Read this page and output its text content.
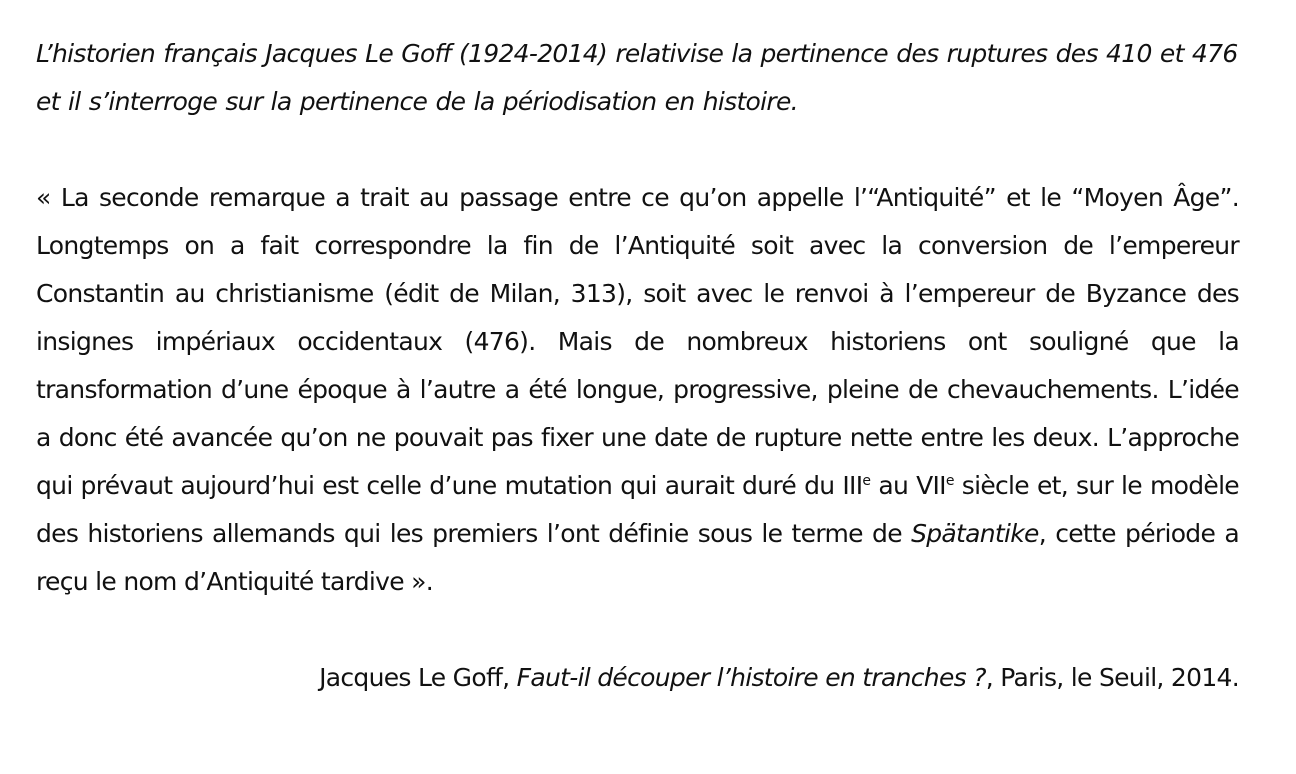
L’historien français Jacques Le Goff (1924-2014) relativise la pertinence des ruptures des 410 et 476 et il s’interroge sur la pertinence de la périodisation en histoire.

« La seconde remarque a trait au passage entre ce qu’on appelle l’“Antiquité” et le “Moyen Âge”. Longtemps on a fait correspondre la fin de l’Antiquité soit avec la conversion de l’empereur Constantin au christianisme (édit de Milan, 313), soit avec le renvoi à l’empereur de Byzance des insignes impériaux occidentaux (476). Mais de nombreux historiens ont souligné que la transformation d’une époque à l’autre a été longue, progressive, pleine de chevauchements. L’idée a donc été avancée qu’on ne pouvait pas fixer une date de rupture nette entre les deux. L’approche qui prévaut aujourd’hui est celle d’une mutation qui aurait duré du IIIe au VIIe siècle et, sur le modèle des historiens allemands qui les premiers l’ont définie sous le terme de Spätantike, cette période a reçu le nom d’Antiquité tardive ».

Jacques Le Goff, Faut-il découper l’histoire en tranches ?, Paris, le Seuil, 2014.
